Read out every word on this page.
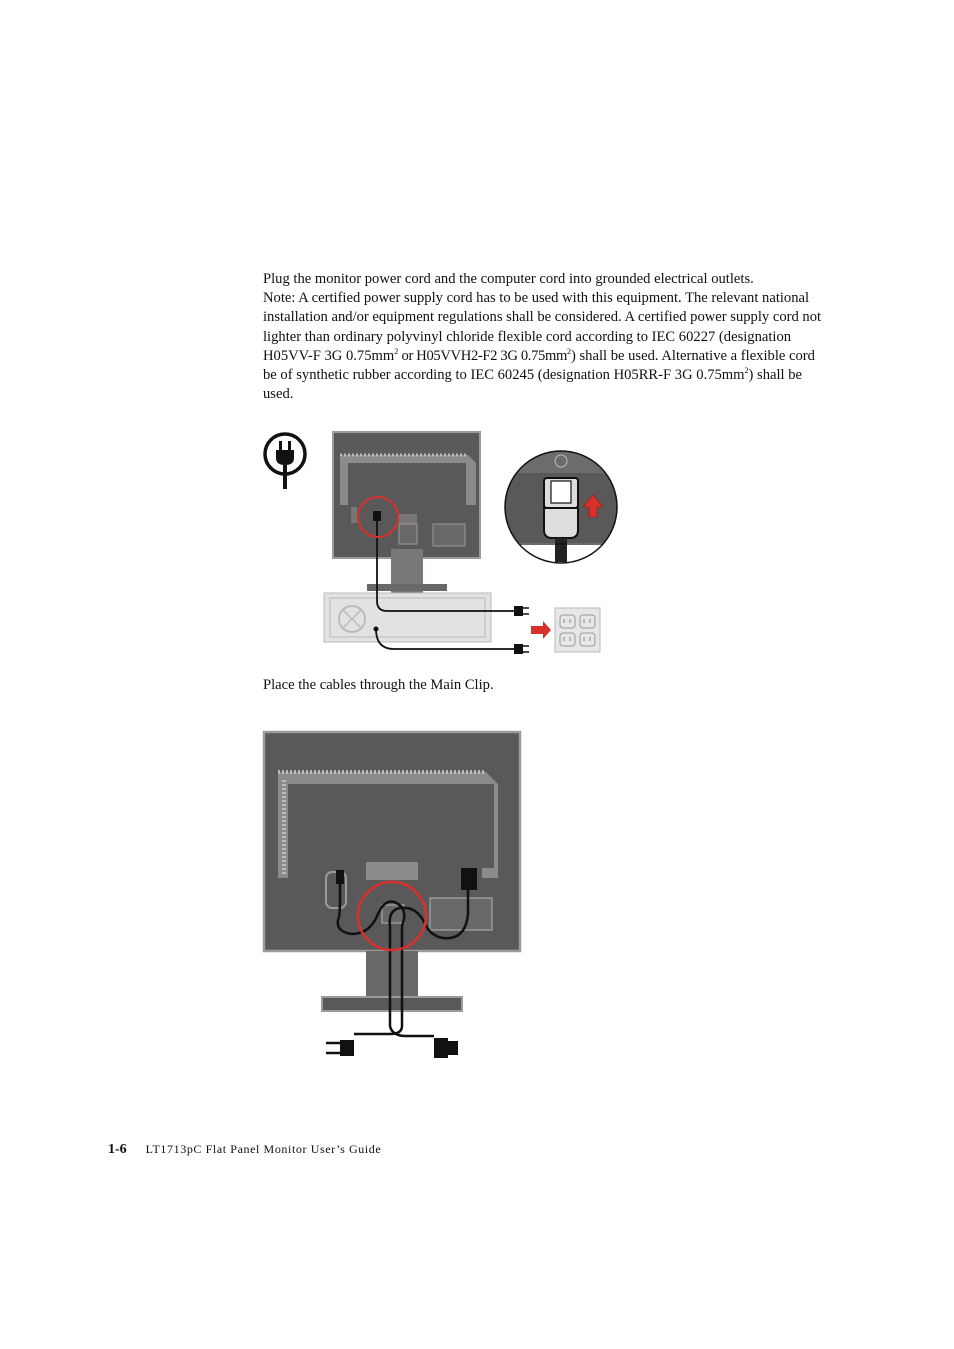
Plug the monitor power cord and the computer cord into grounded electrical outlets.
Note: A certified power supply cord has to be used with this equipment. The relevant national installation and/or equipment regulations shall be considered. A certified power supply cord not lighter than ordinary polyvinyl chloride flexible cord according to IEC 60227 (designation H05VV-F 3G $0.75mm^2$ or H05VVH2-F2 3G $0.75mm^2$) shall be used. Alternative a flexible cord be of synthetic rubber according to IEC 60245 (designation H05RR-F 3G $0.75mm^2$) shall be used.

Place the cables through the Main Clip.

1-6 LT1713pC Flat Panel Monitor User’s Guide
